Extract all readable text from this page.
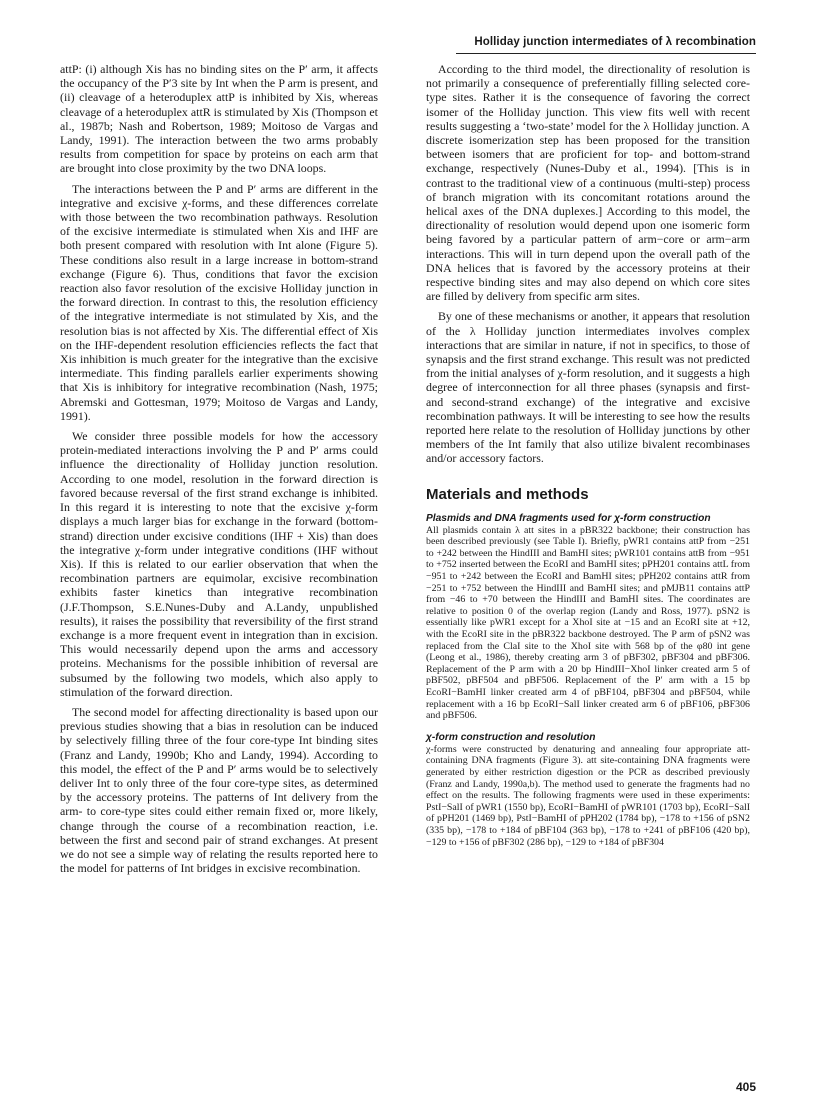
Holliday junction intermediates of λ recombination

attP: (i) although Xis has no binding sites on the P′ arm, it affects the occupancy of the P′3 site by Int when the P arm is present, and (ii) cleavage of a heteroduplex attP is inhibited by Xis, whereas cleavage of a heteroduplex attR is stimulated by Xis (Thompson et al., 1987b; Nash and Robertson, 1989; Moitoso de Vargas and Landy, 1991). The interaction between the two arms probably results from competition for space by proteins on each arm that are brought into close proximity by the two DNA loops.

The interactions between the P and P′ arms are different in the integrative and excisive χ-forms, and these differences correlate with those between the two recombination pathways. Resolution of the excisive intermediate is stimulated when Xis and IHF are both present compared with resolution with Int alone (Figure 5). These conditions also result in a large increase in bottom-strand exchange (Figure 6). Thus, conditions that favor the excision reaction also favor resolution of the excisive Holliday junction in the forward direction. In contrast to this, the resolution efficiency of the integrative intermediate is not stimulated by Xis, and the resolution bias is not affected by Xis. The differential effect of Xis on the IHF-dependent resolution efficiencies reflects the fact that Xis inhibition is much greater for the integrative than the excisive intermediate. This finding parallels earlier experiments showing that Xis is inhibitory for integrative recombination (Nash, 1975; Abremski and Gottesman, 1979; Moitoso de Vargas and Landy, 1991).

We consider three possible models for how the accessory protein-mediated interactions involving the P and P′ arms could influence the directionality of Holliday junction resolution. According to one model, resolution in the forward direction is favored because reversal of the first strand exchange is inhibited. In this regard it is interesting to note that the excisive χ-form displays a much larger bias for exchange in the forward (bottom-strand) direction under excisive conditions (IHF + Xis) than does the integrative χ-form under integrative conditions (IHF without Xis). If this is related to our earlier observation that when the recombination partners are equimolar, excisive recombination exhibits faster kinetics than integrative recombination (J.F.Thompson, S.E.Nunes-Duby and A.Landy, unpublished results), it raises the possibility that reversibility of the first strand exchange is a more frequent event in integration than in excision. This would necessarily depend upon the arms and accessory proteins. Mechanisms for the possible inhibition of reversal are subsumed by the following two models, which also apply to stimulation of the forward direction.

The second model for affecting directionality is based upon our previous studies showing that a bias in resolution can be induced by selectively filling three of the four core-type Int binding sites (Franz and Landy, 1990b; Kho and Landy, 1994). According to this model, the effect of the P and P′ arms would be to selectively deliver Int to only three of the four core-type sites, as determined by the accessory proteins. The patterns of Int delivery from the arm- to core-type sites could either remain fixed or, more likely, change through the course of a recombination reaction, i.e. between the first and second pair of strand exchanges. At present we do not see a simple way of relating the results reported here to the model for patterns of Int bridges in excisive recombination.

According to the third model, the directionality of resolution is not primarily a consequence of preferentially filling selected core-type sites. Rather it is the consequence of favoring the correct isomer of the Holliday junction. This view fits well with recent results suggesting a ‘two-state’ model for the λ Holliday junction. A discrete isomerization step has been proposed for the transition between isomers that are proficient for top- and bottom-strand exchange, respectively (Nunes-Duby et al., 1994). [This is in contrast to the traditional view of a continuous (multi-step) process of branch migration with its concomitant rotations around the helical axes of the DNA duplexes.] According to this model, the directionality of resolution would depend upon one isomeric form being favored by a particular pattern of arm−core or arm−arm interactions. This will in turn depend upon the overall path of the DNA helices that is favored by the accessory proteins at their respective binding sites and may also depend on which core sites are filled by delivery from specific arm sites.

By one of these mechanisms or another, it appears that resolution of the λ Holliday junction intermediates involves complex interactions that are similar in nature, if not in specifics, to those of synapsis and the first strand exchange. This result was not predicted from the initial analyses of χ-form resolution, and it suggests a high degree of interconnection for all three phases (synapsis and first- and second-strand exchange) of the integrative and excisive recombination pathways. It will be interesting to see how the results reported here relate to the resolution of Holliday junctions by other members of the Int family that also utilize bivalent recombinases and/or accessory factors.

Materials and methods
Plasmids and DNA fragments used for χ-form construction

All plasmids contain λ att sites in a pBR322 backbone; their construction has been described previously (see Table I). Briefly, pWR1 contains attP from −251 to +242 between the HindIII and BamHI sites; pWR101 contains attB from −951 to +752 inserted between the EcoRI and BamHI sites; pPH201 contains attL from −951 to +242 between the EcoRI and BamHI sites; pPH202 contains attR from −251 to +752 between the HindIII and BamHI sites; and pMJB11 contains attP from −46 to +70 between the HindIII and BamHI sites. The coordinates are relative to position 0 of the overlap region (Landy and Ross, 1977). pSN2 is essentially like pWR1 except for a XhoI site at −15 and an EcoRI site at +12, with the EcoRI site in the pBR322 backbone destroyed. The P arm of pSN2 was replaced from the ClaI site to the XhoI site with 568 bp of the φ80 int gene (Leong et al., 1986), thereby creating arm 3 of pBF302, pBF304 and pBF306. Replacement of the P arm with a 20 bp HindIII−XhoI linker created arm 5 of pBF502, pBF504 and pBF506. Replacement of the P′ arm with a 15 bp EcoRI−BamHI linker created arm 4 of pBF104, pBF304 and pBF504, while replacement with a 16 bp EcoRI−SalI linker created arm 6 of pBF106, pBF306 and pBF506.

χ-form construction and resolution

χ-forms were constructed by denaturing and annealing four appropriate att-containing DNA fragments (Figure 3). att site-containing DNA fragments were generated by either restriction digestion or the PCR as described previously (Franz and Landy, 1990a,b). The method used to generate the fragments had no effect on the results. The following fragments were used in these experiments: PstI−SalI of pWR1 (1550 bp), EcoRI−BamHI of pWR101 (1703 bp), EcoRI−SalI of pPH201 (1469 bp), PstI−BamHI of pPH202 (1784 bp), −178 to +156 of pSN2 (335 bp), −178 to +184 of pBF104 (363 bp), −178 to +241 of pBF106 (420 bp), −129 to +156 of pBF302 (286 bp), −129 to +184 of pBF304

405
